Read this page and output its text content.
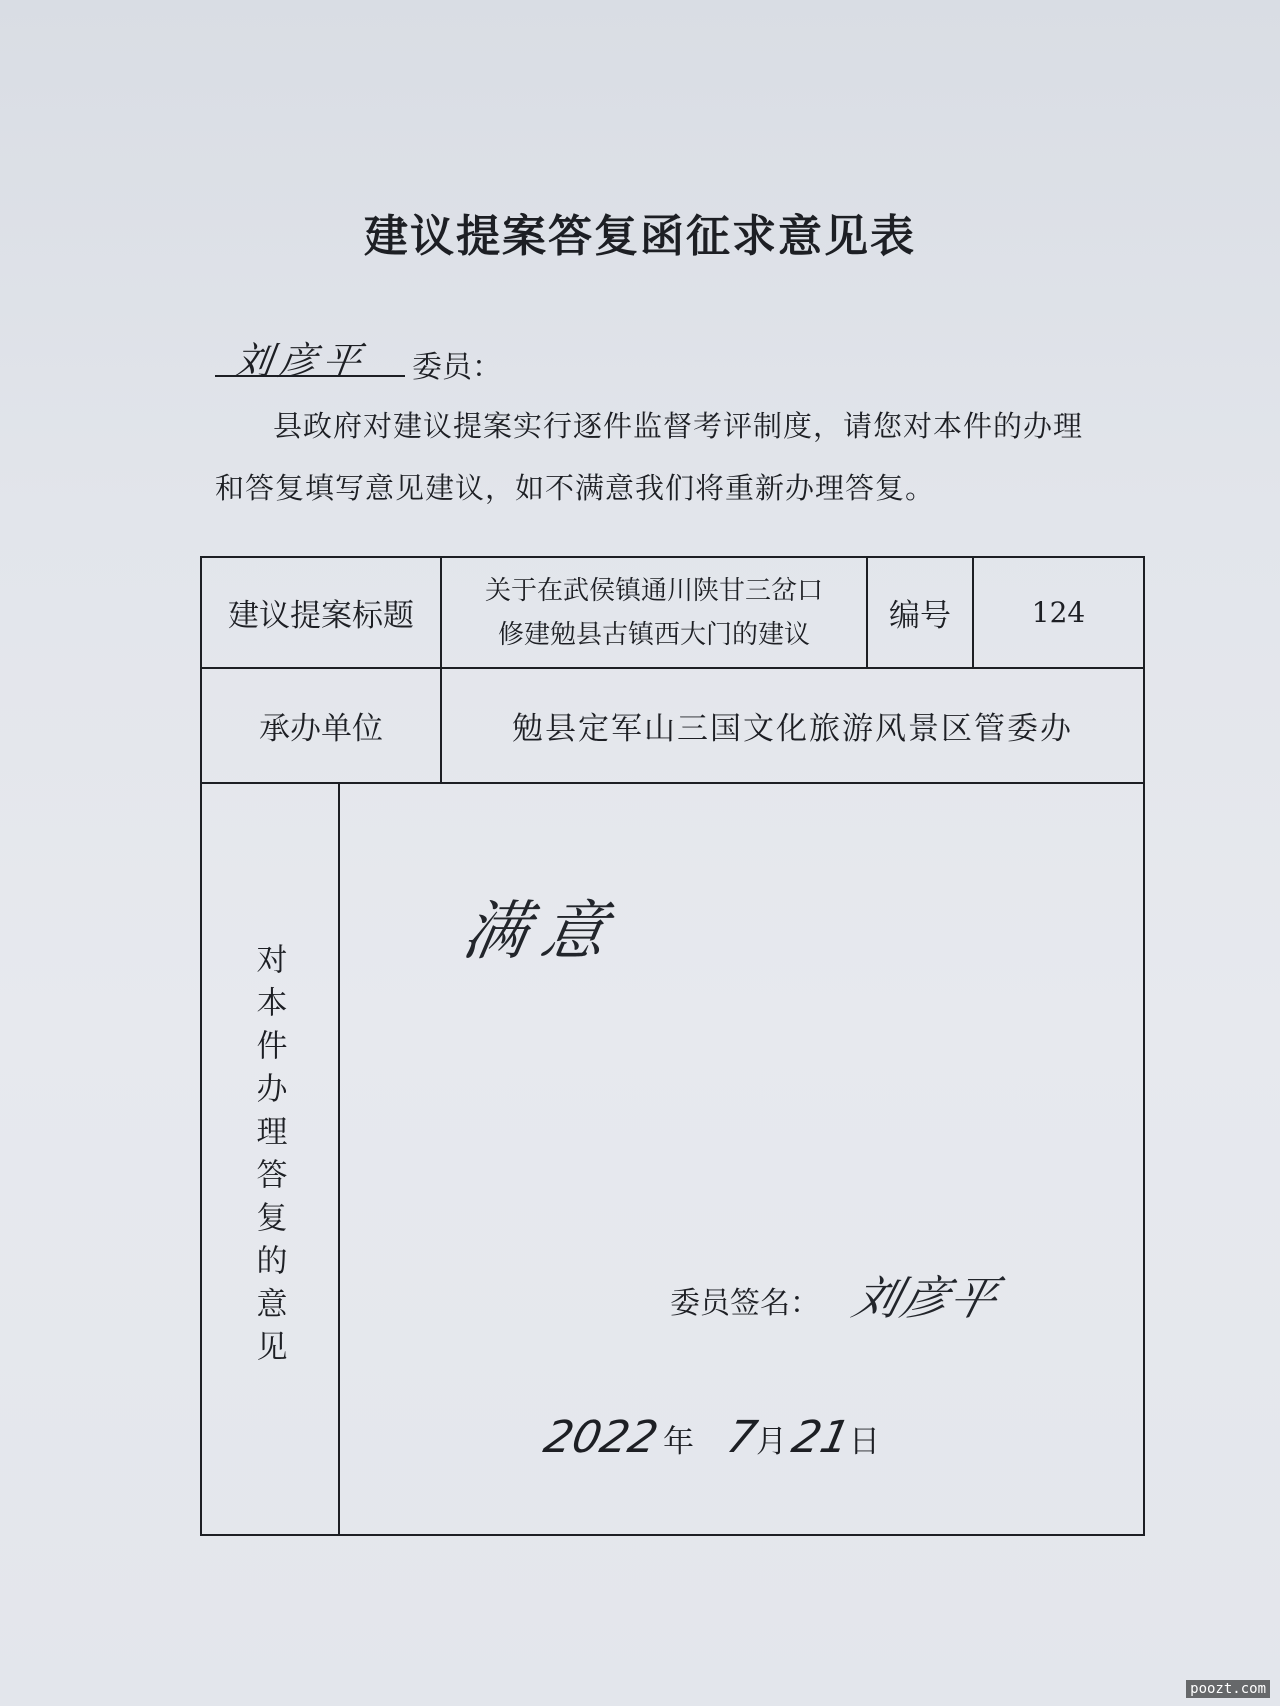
建议提案答复函征求意见表
刘彦平 委员：
县政府对建议提案实行逐件监督考评制度，请您对本件的办理
和答复填写意见建议，如不满意我们将重新办理答复。
建议提案标题
关于在武侯镇通川陕甘三岔口
修建勉县古镇西大门的建议
编号	124
承办单位	勉县定军山三国文化旅游风景区管委办
对本件办理答复的意见
满意
委员签名： 刘彦平
2022 年 7
月 21
日
poozt.com
